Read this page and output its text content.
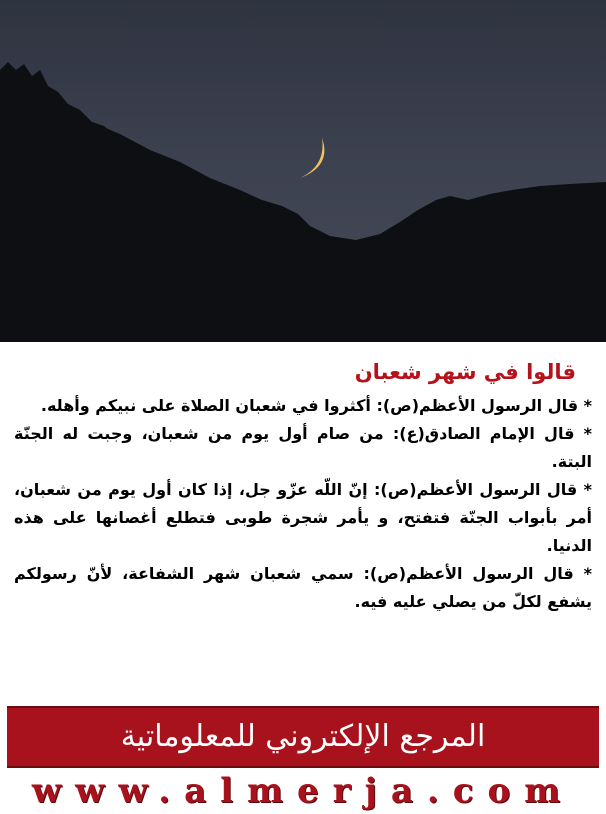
قالوا في شهر شعبان

* قال الرسول الأعظم(ص): أكثروا في شعبان الصلاة على نبيكم وأهله.

* قال الإمام الصادق(ع): من صام أول يوم من شعبان، وجبت له الجنّة البتة.

* قال الرسول الأعظم(ص): إنّ اللّه عزّو جل، إذا كان أول يوم من شعبان، أمر بأبواب الجنّة فتفتح، و يأمر شجرة طوبى فتطلع أغصانها على هذه الدنيا.

* قال الرسول الأعظم(ص): سمي شعبان شهر الشفاعة، لأنّ رسولكم يشفع لكلّ من يصلي عليه فيه.

المرجع الإلكتروني للمعلوماتية
www.almerja.com
